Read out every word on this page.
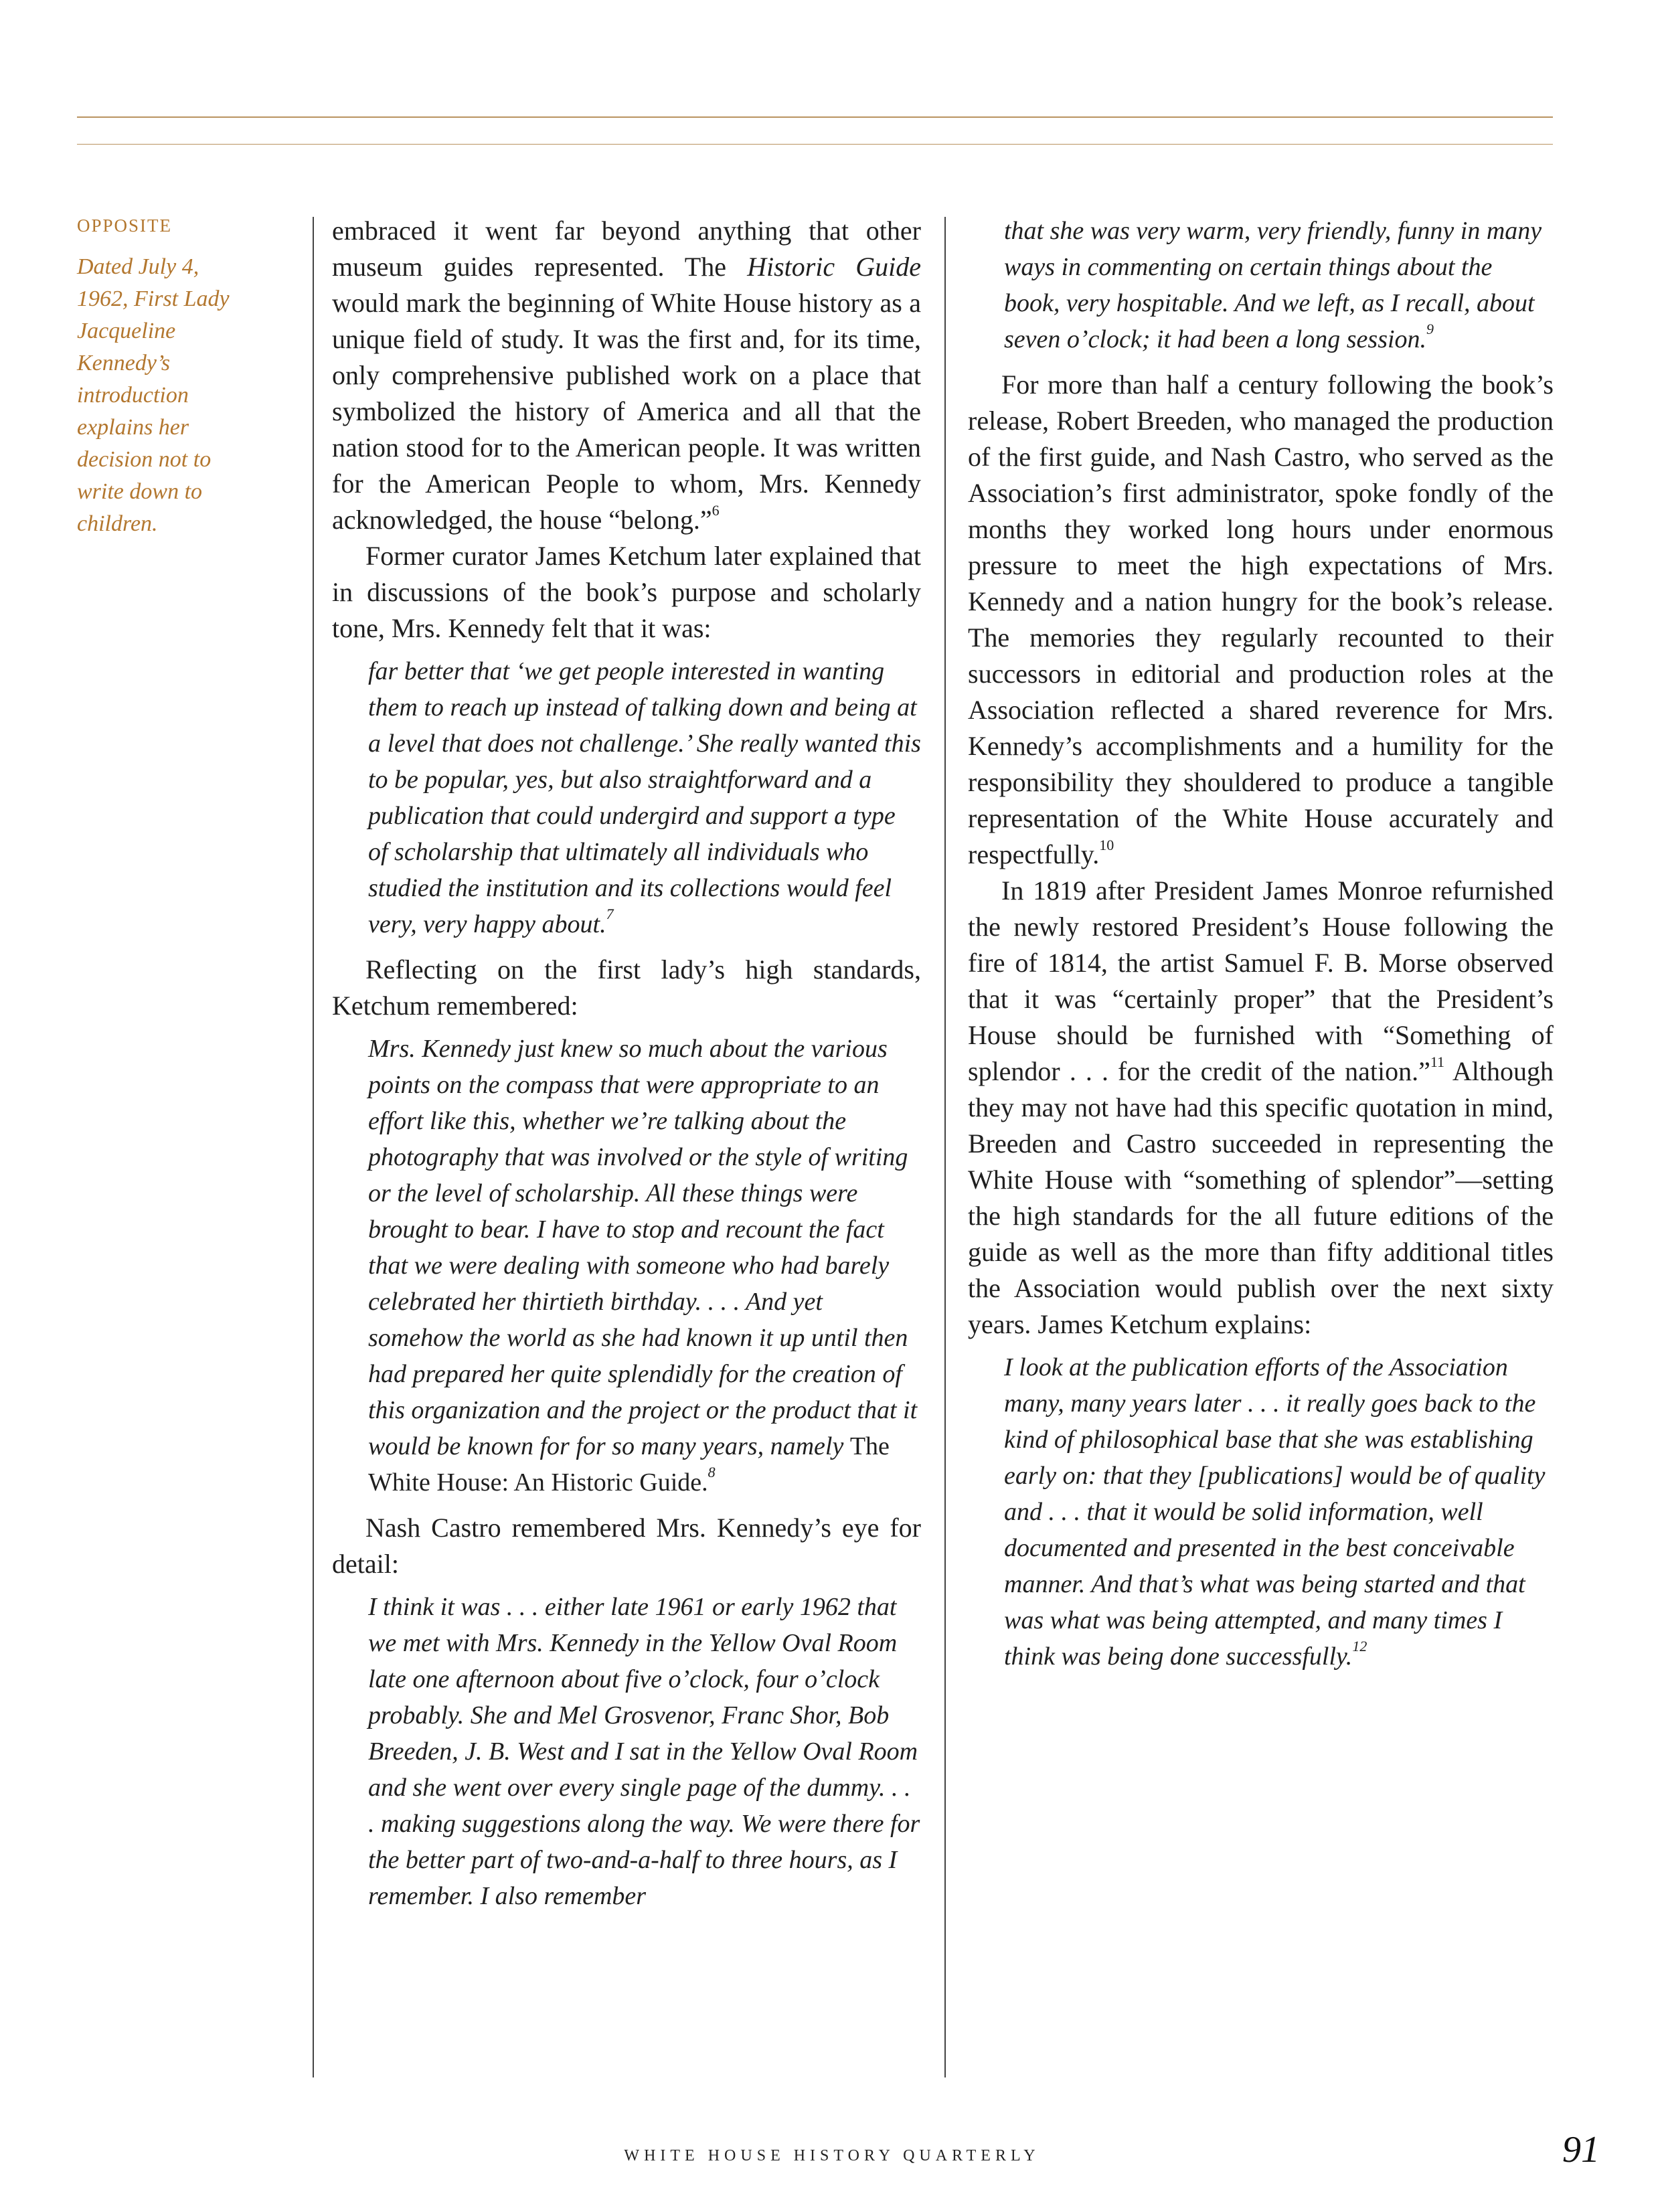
OPPOSITE

Dated July 4, 1962, First Lady Jacqueline Kennedy’s introduction explains her decision not to write down to children.

embraced it went far beyond anything that other museum guides represented. The Historic Guide would mark the beginning of White House history as a unique field of study. It was the first and, for its time, only comprehensive published work on a place that symbolized the history of America and all that the nation stood for to the American people. It was written for the American People to whom, Mrs. Kennedy acknowledged, the house “belong.”$^6$

Former curator James Ketchum later explained that in discussions of the book’s purpose and scholarly tone, Mrs. Kennedy felt that it was:

far better that ‘we get people interested in wanting them to reach up instead of talking down and being at a level that does not challenge.’ She really wanted this to be popular, yes, but also straightforward and a publication that could undergird and support a type of scholarship that ultimately all individuals who studied the institution and its collections would feel very, very happy about.$^7$

Reflecting on the first lady’s high standards, Ketchum remembered:

Mrs. Kennedy just knew so much about the various points on the compass that were appropriate to an effort like this, whether we’re talking about the photography that was involved or the style of writing or the level of scholarship. All these things were brought to bear. I have to stop and recount the fact that we were dealing with someone who had barely celebrated her thirtieth birthday. . . . And yet somehow the world as she had known it up until then had prepared her quite splendidly for the creation of this organization and the project or the product that it would be known for for so many years, namely The White House: An Historic Guide.$^8$

Nash Castro remembered Mrs. Kennedy’s eye for detail:

I think it was . . . either late 1961 or early 1962 that we met with Mrs. Kennedy in the Yellow Oval Room late one afternoon about five o’clock, four o’clock probably. She and Mel Grosvenor, Franc Shor, Bob Breeden, J. B. West and I sat in the Yellow Oval Room and she went over every single page of the dummy. . . . making suggestions along the way. We were there for the better part of two-and-a-half to three hours, as I remember. I also remember
that she was very warm, very friendly, funny in many ways in commenting on certain things about the book, very hospitable. And we left, as I recall, about seven o’clock; it had been a long session.$^9$

For more than half a century following the book’s release, Robert Breeden, who managed the production of the first guide, and Nash Castro, who served as the Association’s first administrator, spoke fondly of the months they worked long hours under enormous pressure to meet the high expectations of Mrs. Kennedy and a nation hungry for the book’s release. The memories they regularly recounted to their successors in editorial and production roles at the Association reflected a shared reverence for Mrs. Kennedy’s accomplishments and a humility for the responsibility they shouldered to produce a tangible representation of the White House accurately and respectfully.$^{10}$

In 1819 after President James Monroe refurnished the newly restored President’s House following the fire of 1814, the artist Samuel F. B. Morse observed that it was “certainly proper” that the President’s House should be furnished with “Something of splendor . . . for the credit of the nation.”$^{11}$ Although they may not have had this specific quotation in mind, Breeden and Castro succeeded in representing the White House with “something of splendor”—setting the high standards for the all future editions of the guide as well as the more than fifty additional titles the Association would publish over the next sixty years. James Ketchum explains:

I look at the publication efforts of the Association many, many years later . . . it really goes back to the kind of philosophical base that she was establishing early on: that they [publications] would be of quality and . . . that it would be solid information, well documented and presented in the best conceivable manner. And that’s what was being started and that was what was being attempted, and many times I think was being done successfully.$^{12}$
WHITE HOUSE HISTORY QUARTERLY	91
